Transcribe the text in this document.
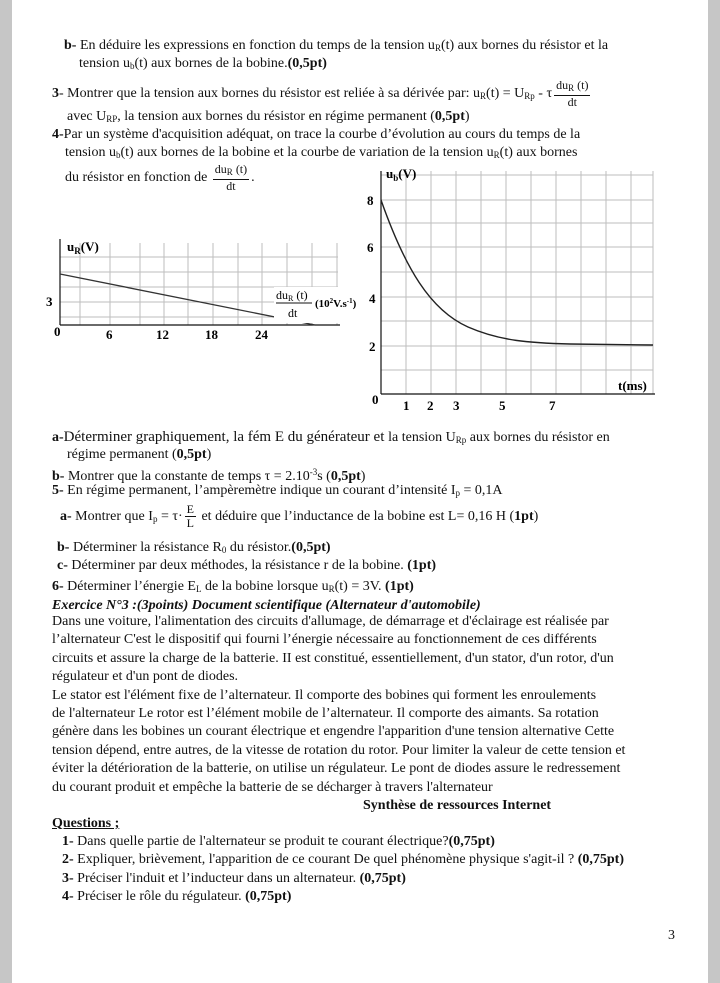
b- En déduire les expressions en fonction du temps de la tension $u_R(t)$ aux bornes du résistor et la
tension $u_b(t)$ aux bornes de la bobine.(0,5pt)
3- Montrer que la tension aux bornes du résistor est reliée à sa dérivée par: $u_R(t) = U_{Rp} - \tau \frac{du_R (t)}{dt}$
avec $U_{RP}$, la tension aux bornes du résistor en régime permanent (0,5pt)
4-Par un système d'acquisition adéquat, on trace la courbe d’évolution au cours du temps de la
tension $u_b(t)$ aux bornes de la bobine et la courbe de variation de la tension $u_R(t)$ aux bornes
du résistor en fonction de $\frac{du_R (t)}{dt}$ .
$u_R(V)$
3
0	6	12	18	24
duR (t)
dt
$(10^2V.s^{-1})$
$u_b(V)$
8
6
4
2
0 1 2 3	5	7
t(ms)
a-Déterminer graphiquement, la fém E du générateur et la tension $U_{Rp}$ aux bornes du résistor en
régime permanent (0,5pt)
b- Montrer que la constante de temps $\tau = 2.10^{-3}s$ (0,5pt)
5- En régime permanent, l’ampèremètre indique un courant d’intensité $I_p = 0,1A$
a- Montrer que $I_p = \tau\cdot \frac{E}{L}$ et déduire que l’inductance de la bobine est L= 0,16 H (1pt)
b- Déterminer la résistance $R_0$ du résistor.(0,5pt)
c- Déterminer par deux méthodes, la résistance r de la bobine. (1pt)
6- Déterminer l’énergie $E_L$ de la bobine lorsque $u_R(t) = 3V$. (1pt)
Exercice N°3 :(3points) Document scientifique (Alternateur d'automobile)
Dans une voiture, l'alimentation des circuits d'allumage, de démarrage et d'éclairage est réalisée par
l’alternateur C'est le dispositif qui fourni l’énergie nécessaire au fonctionnement de ces différents
circuits et assure la charge de la batterie. II est constitué, essentiellement, d'un stator, d'un rotor, d'un
régulateur et d'un pont de diodes.
Le stator est l'élément fixe de l’alternateur. Il comporte des bobines qui forment les enroulements
de l'alternateur Le rotor est l’élément mobile de l’alternateur. Il comporte des aimants. Sa rotation
génère dans les bobines un courant électrique et engendre l'apparition d'une tension alternative Cette
tension dépend, entre autres, de la vitesse de rotation du rotor. Pour limiter la valeur de cette tension et
éviter la détérioration de la batterie, on utilise un régulateur. Le pont de diodes assure le redressement
du courant produit et empêche la batterie de se décharger à travers l'alternateur
Synthèse de ressources Internet
Questions ;
1- Dans quelle partie de l'alternateur se produit te courant électrique?(0,75pt)
2- Expliquer, brièvement, l'apparition de ce courant De quel phénomène physique s'agit-il ? (0,75pt)
3- Préciser l'induit et l’inducteur dans un alternateur. (0,75pt)
4- Préciser le rôle du régulateur. (0,75pt)
3
